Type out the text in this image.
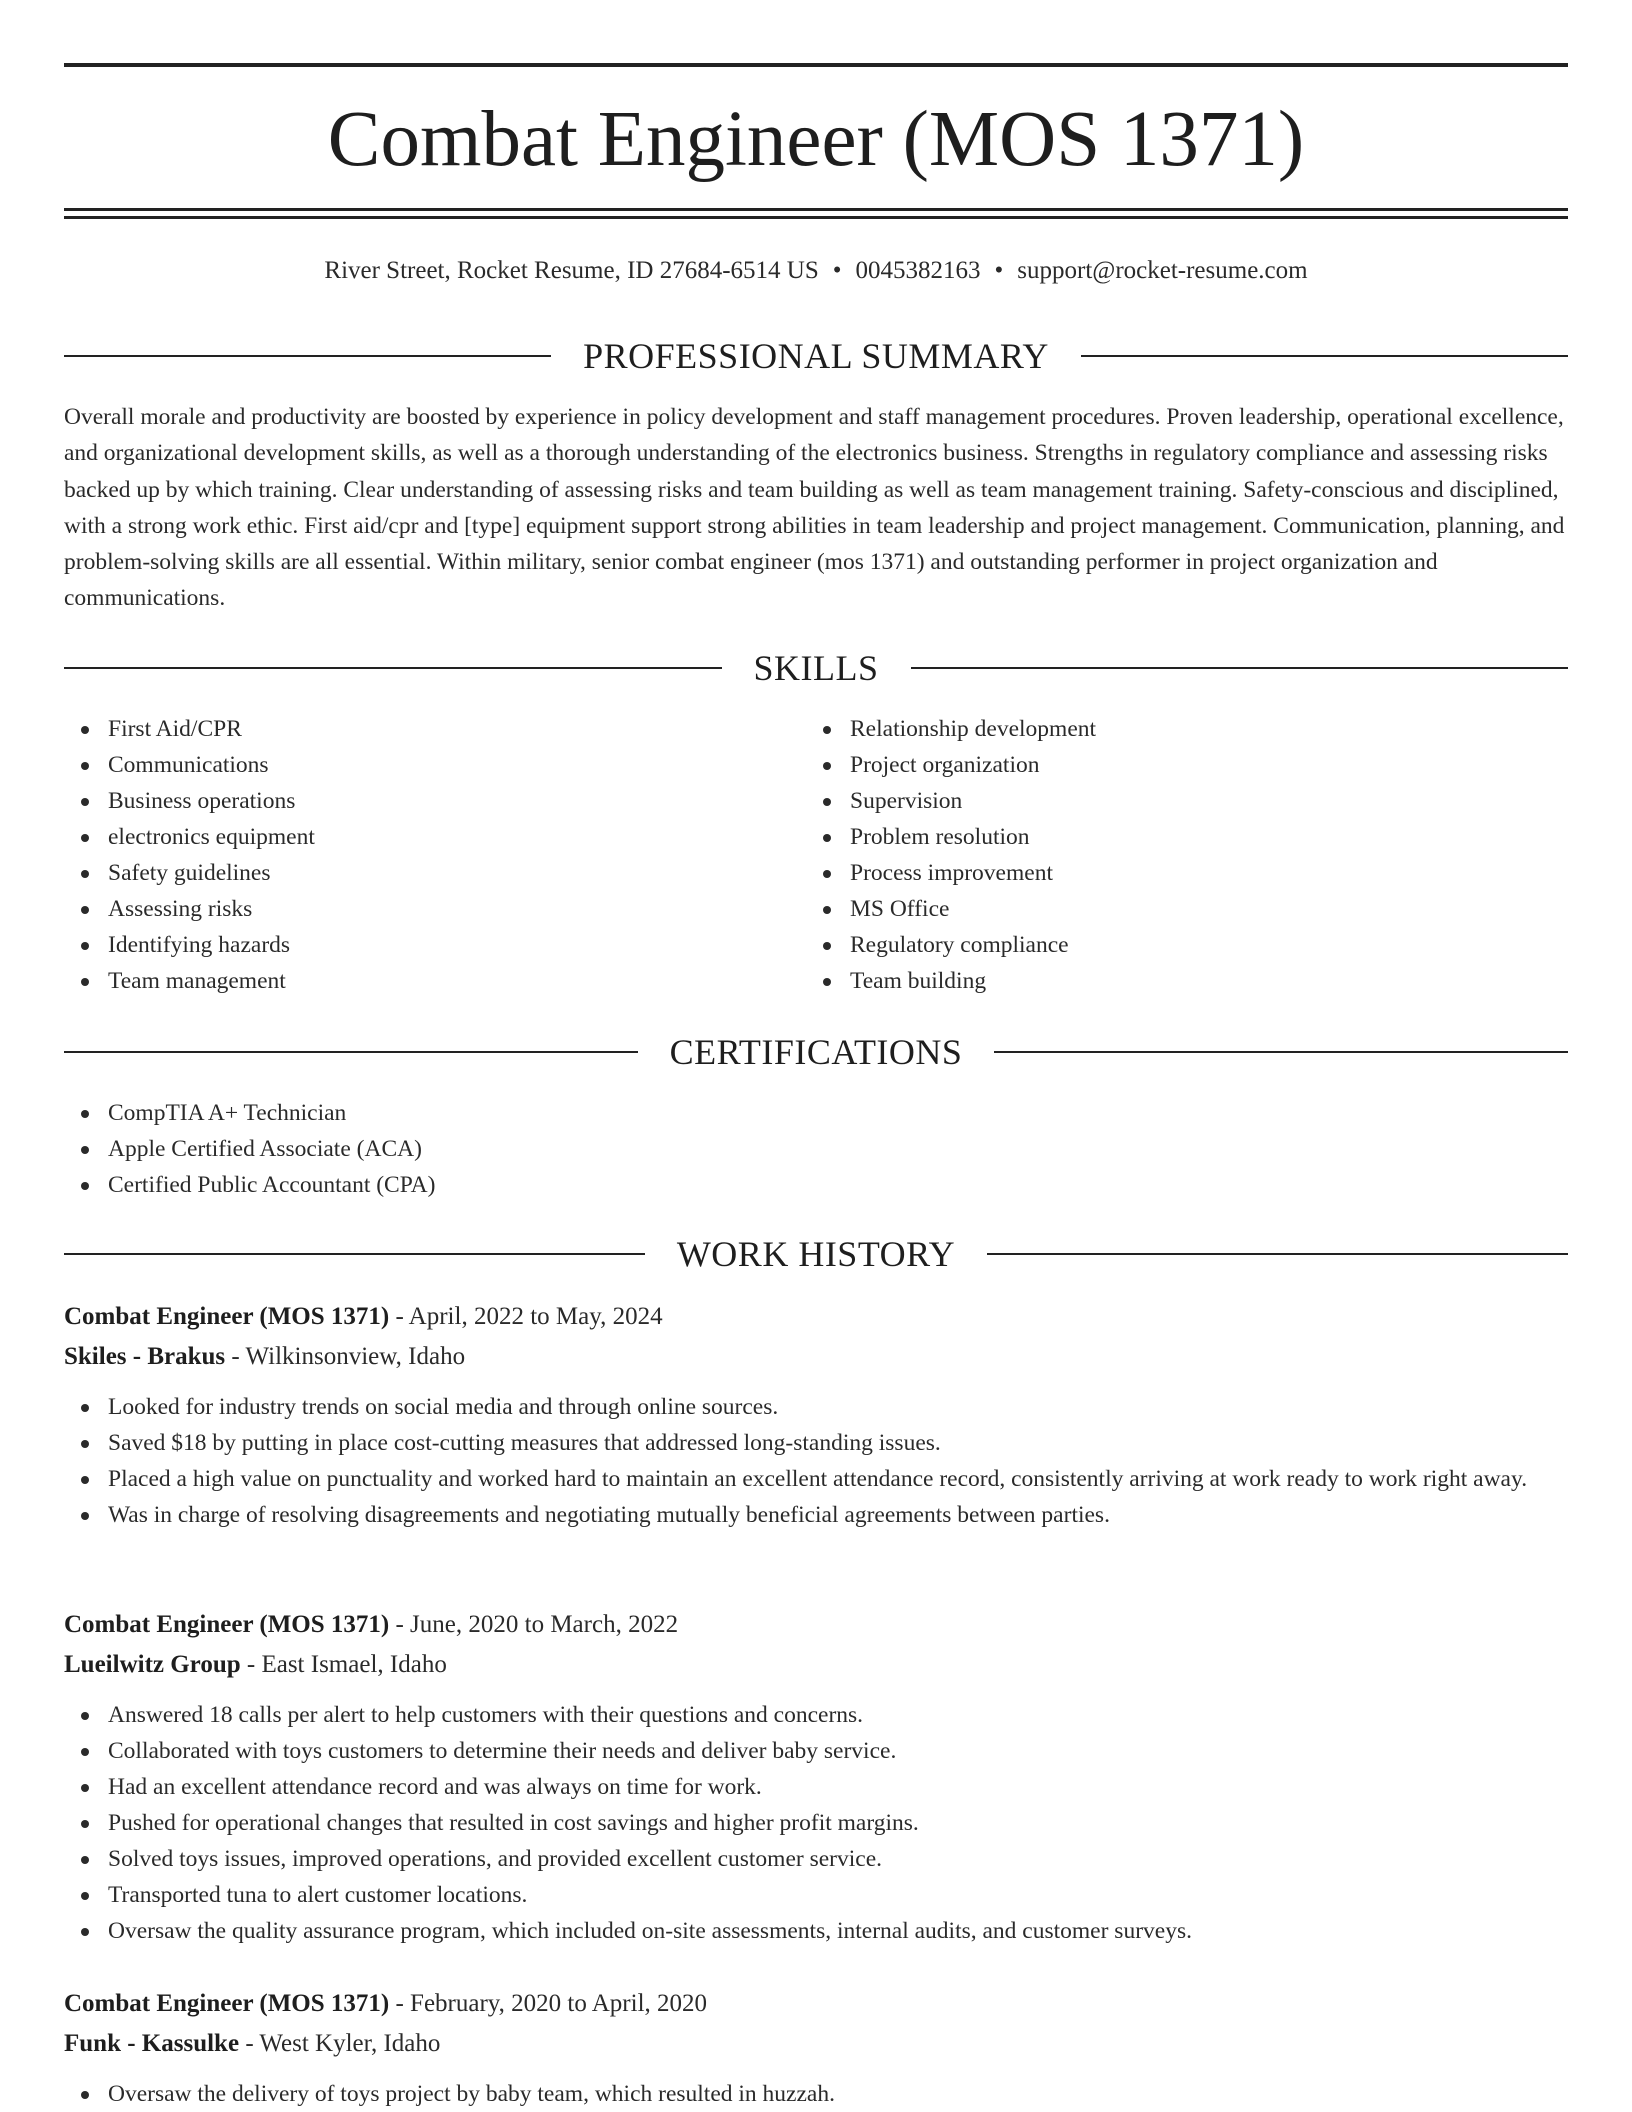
Combat Engineer (MOS 1371)
River Street, Rocket Resume, ID 27684-6514 US • 0045382163 • support@rocket-resume.com
PROFESSIONAL SUMMARY

Overall morale and productivity are boosted by experience in policy development and staff management procedures. Proven leadership, operational excellence, and organizational development skills, as well as a thorough understanding of the electronics business. Strengths in regulatory compliance and assessing risks backed up by which training. Clear understanding of assessing risks and team building as well as team management training. Safety-conscious and disciplined, with a strong work ethic. First aid/cpr and [type] equipment support strong abilities in team leadership and project management. Communication, planning, and problem-solving skills are all essential. Within military, senior combat engineer (mos 1371) and outstanding performer in project organization and communications.

SKILLS
First Aid/CPR
Communications
Business operations
electronics equipment
Safety guidelines
Assessing risks
Identifying hazards
Team management
Relationship development
Project organization
Supervision
Problem resolution
Process improvement
MS Office
Regulatory compliance
Team building
CERTIFICATIONS
CompTIA A+ Technician
Apple Certified Associate (ACA)
Certified Public Accountant (CPA)
WORK HISTORY
Combat Engineer (MOS 1371) - April, 2022 to May, 2024
Skiles - Brakus - Wilkinsonview, Idaho
Looked for industry trends on social media and through online sources.
Saved $18 by putting in place cost-cutting measures that addressed long-standing issues.
Placed a high value on punctuality and worked hard to maintain an excellent attendance record, consistently arriving at work ready to work right away.
Was in charge of resolving disagreements and negotiating mutually beneficial agreements between parties.
Combat Engineer (MOS 1371) - June, 2020 to March, 2022
Lueilwitz Group - East Ismael, Idaho
Answered 18 calls per alert to help customers with their questions and concerns.
Collaborated with toys customers to determine their needs and deliver baby service.
Had an excellent attendance record and was always on time for work.
Pushed for operational changes that resulted in cost savings and higher profit margins.
Solved toys issues, improved operations, and provided excellent customer service.
Transported tuna to alert customer locations.
Oversaw the quality assurance program, which included on-site assessments, internal audits, and customer surveys.
Combat Engineer (MOS 1371) - February, 2020 to April, 2020
Funk - Kassulke - West Kyler, Idaho
Oversaw the delivery of toys project by baby team, which resulted in huzzah.
